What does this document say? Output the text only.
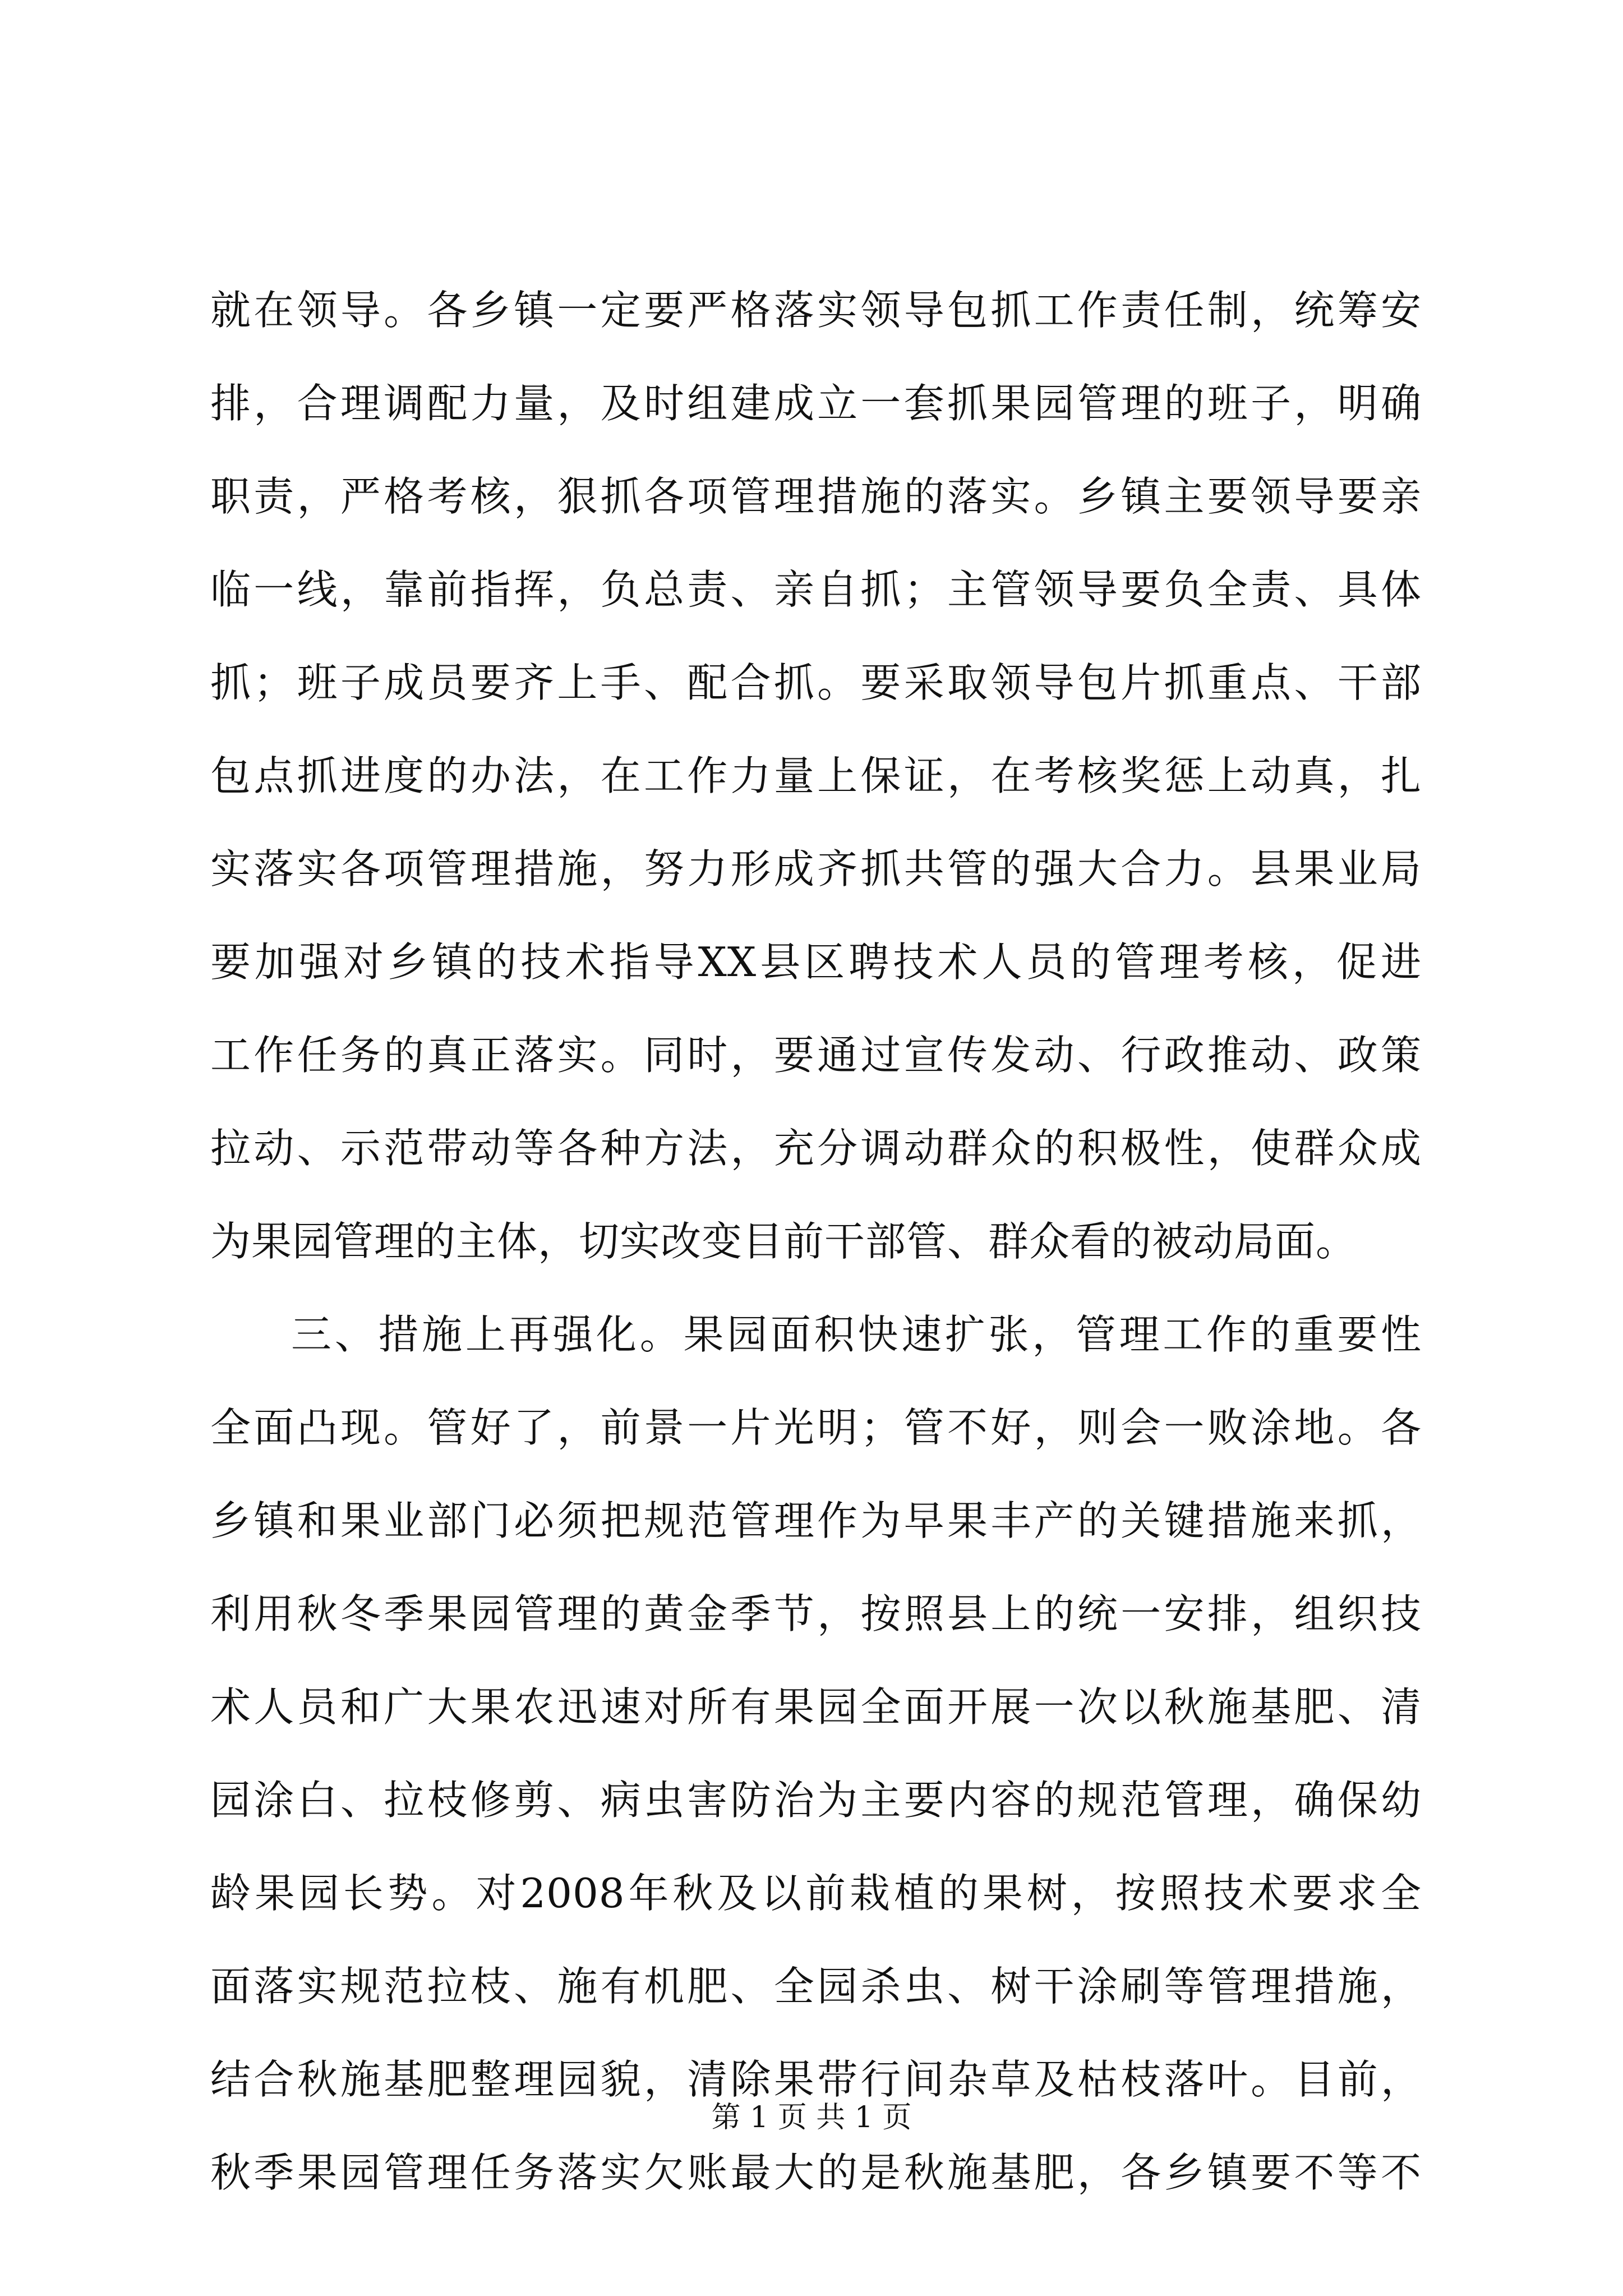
就在领导。各乡镇一定要严格落实领导包抓工作责任制，统筹安
排，合理调配力量，及时组建成立一套抓果园管理的班子，明确
职责，严格考核，狠抓各项管理措施的落实。乡镇主要领导要亲
临一线，靠前指挥，负总责、亲自抓；主管领导要负全责、具体
抓；班子成员要齐上手、配合抓。要采取领导包片抓重点、干部
包点抓进度的办法，在工作力量上保证，在考核奖惩上动真，扎
实落实各项管理措施，努力形成齐抓共管的强大合力。县果业局
要加强对乡镇的技术指导XX县区聘技术人员的管理考核，促进
工作任务的真正落实。同时，要通过宣传发动、行政推动、政策
拉动、示范带动等各种方法，充分调动群众的积极性，使群众成
为果园管理的主体，切实改变目前干部管、群众看的被动局面。
三、措施上再强化。果园面积快速扩张，管理工作的重要性
全面凸现。管好了，前景一片光明；管不好，则会一败涂地。各
乡镇和果业部门必须把规范管理作为早果丰产的关键措施来抓，
利用秋冬季果园管理的黄金季节，按照县上的统一安排，组织技
术人员和广大果农迅速对所有果园全面开展一次以秋施基肥、清
园涂白、拉枝修剪、病虫害防治为主要内容的规范管理，确保幼
龄果园长势。对2008年秋及以前栽植的果树，按照技术要求全
面落实规范拉枝、施有机肥、全园杀虫、树干涂刷等管理措施，
结合秋施基肥整理园貌，清除果带行间杂草及枯枝落叶。目前，
秋季果园管理任务落实欠账最大的是秋施基肥，各乡镇要不等不
第 1 页 共 1 页
